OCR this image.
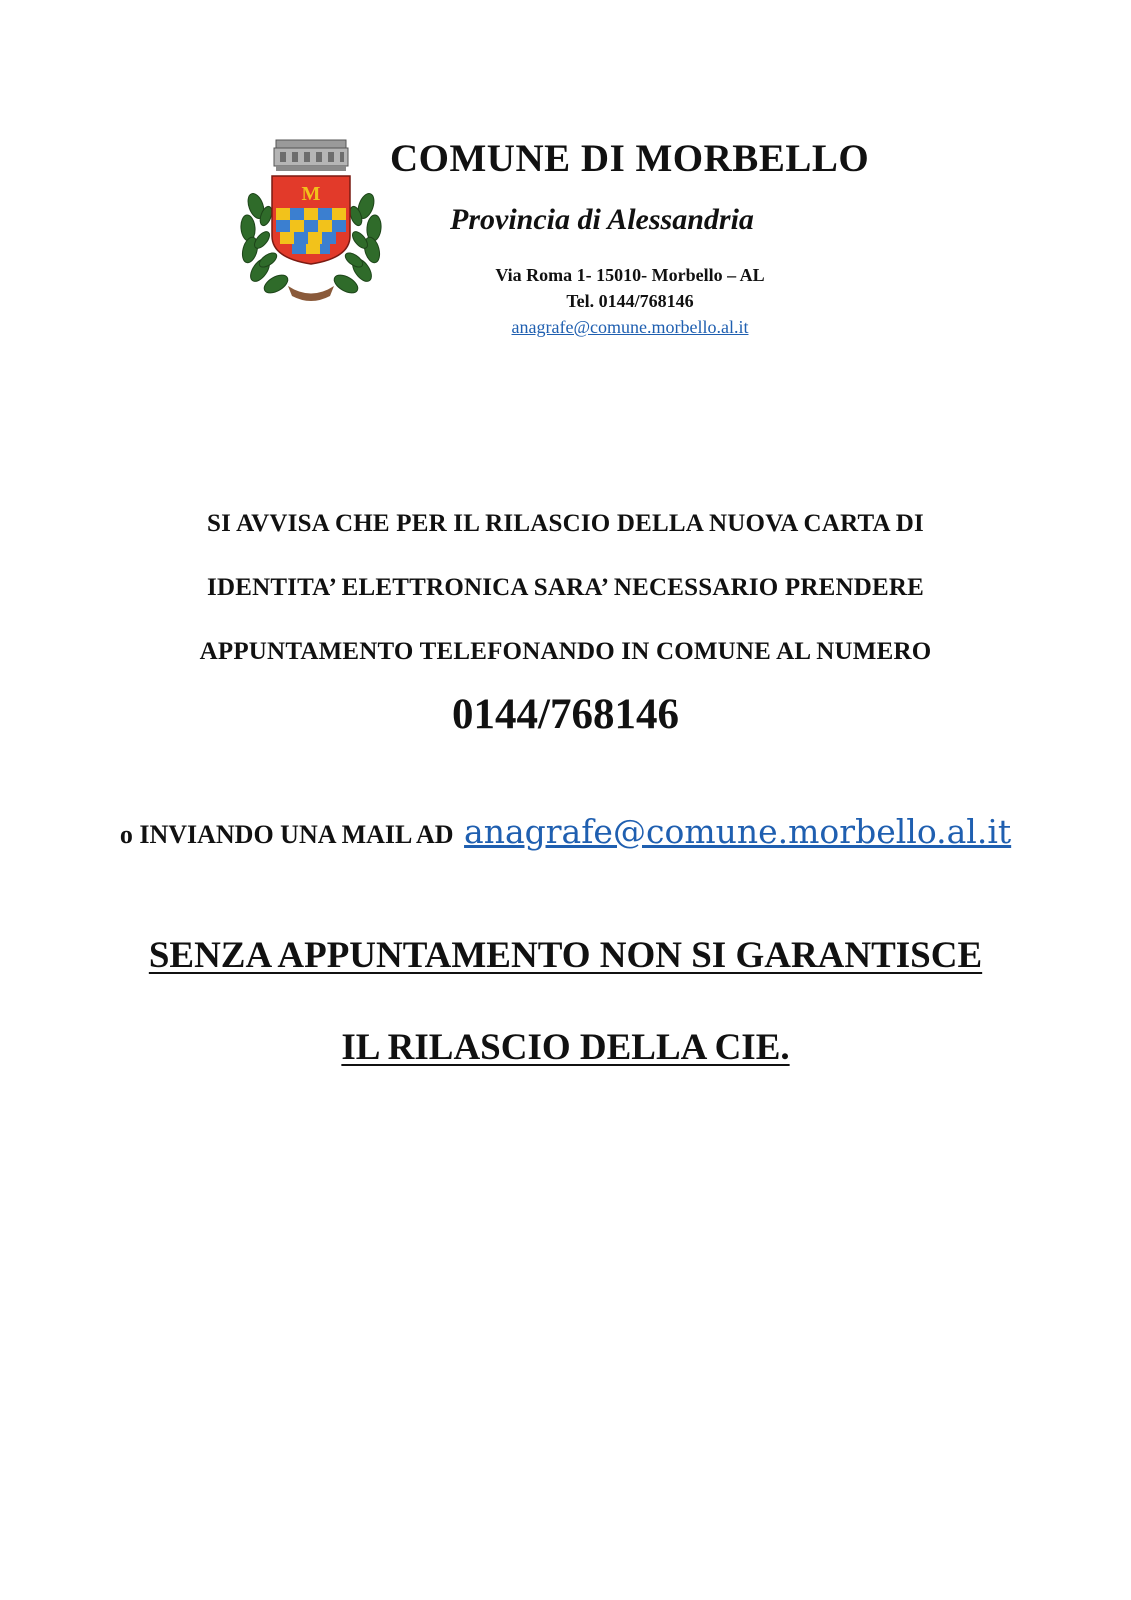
M
COMUNE DI MORBELLO
Provincia di Alessandria
Via Roma 1- 15010- Morbello – AL
Tel. 0144/768146
anagrafe@comune.morbello.al.it
SI AVVISA CHE PER IL RILASCIO DELLA NUOVA CARTA DI
IDENTITA’ ELETTRONICA SARA’ NECESSARIO PRENDERE
APPUNTAMENTO TELEFONANDO IN COMUNE AL NUMERO
0144/768146
o INVIANDO UNA MAIL AD anagrafe@comune.morbello.al.it
SENZA APPUNTAMENTO NON SI GARANTISCE
IL RILASCIO DELLA CIE.
